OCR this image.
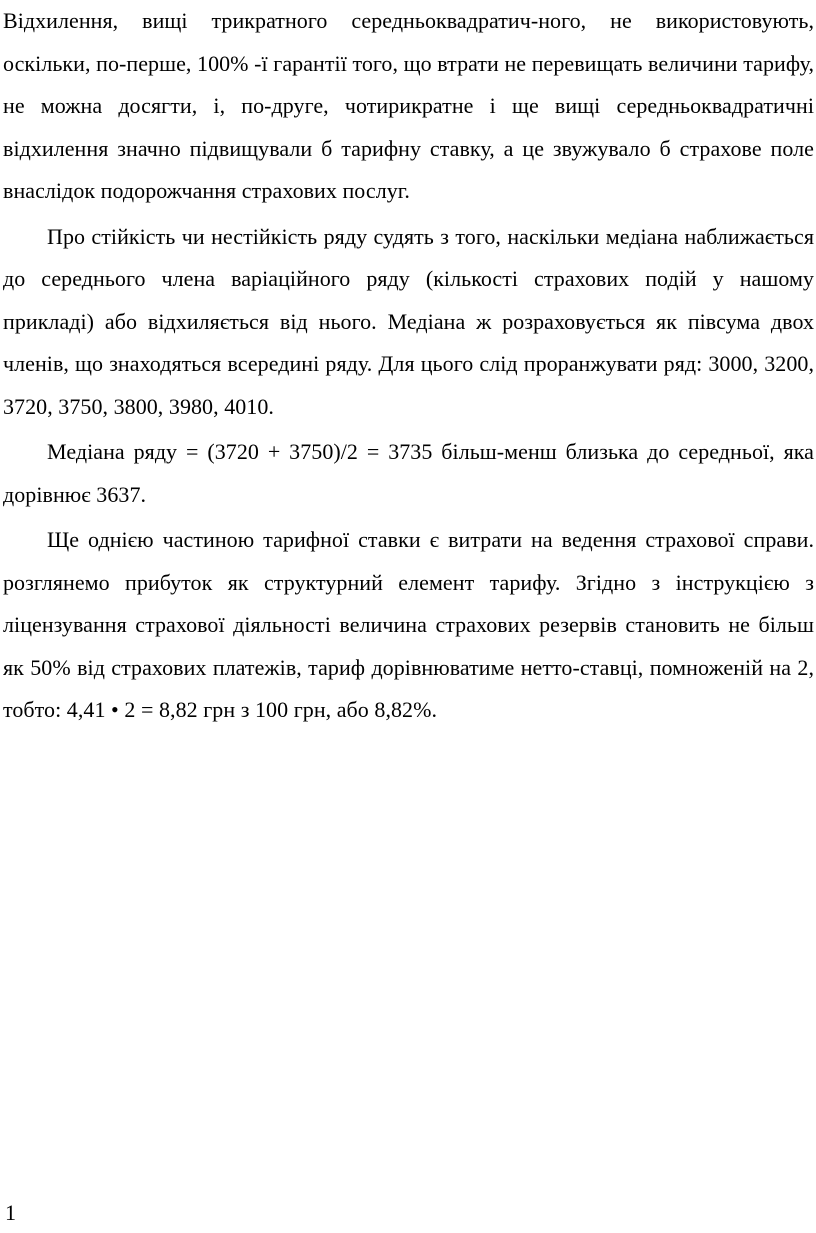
Відхилення, вищі трикратного середньоквадратич-ного, не використовують, оскільки, по-перше, 100% -ї гарантії того, що втрати не перевищать величини тарифу, не можна досягти, і, по-друге, чотирикратне і ще вищі середньоквадратичні відхилення значно підвищували б тарифну ставку, а це звужувало б страхове поле внаслідок подорожчання страхових послуг.

Про стійкість чи нестійкість ряду судять з того, наскільки медіана наближається до середнього члена варіаційного ряду (кількості страхових подій у нашому прикладі) або відхиляється від нього. Медіана ж розраховується як півсума двох членів, що знаходяться всередині ряду. Для цього слід проранжувати ряд: 3000, 3200, 3720, 3750, 3800, 3980, 4010.

Медіана ряду = (3720 + 3750)/2 = 3735 більш-менш близька до середньої, яка дорівнює 3637.

Ще однією частиною тарифної ставки є витрати на ведення страхової справи. розглянемо прибуток як структурний елемент тарифу. Згідно з інструкцією з ліцензування страхової діяльності величина страхових резервів становить не більш як 50% від страхових платежів, тариф дорівнюватиме нетто-ставці, помноженій на 2, тобто: 4,41 • 2 = 8,82 грн з 100 грн, або 8,82%.

1
